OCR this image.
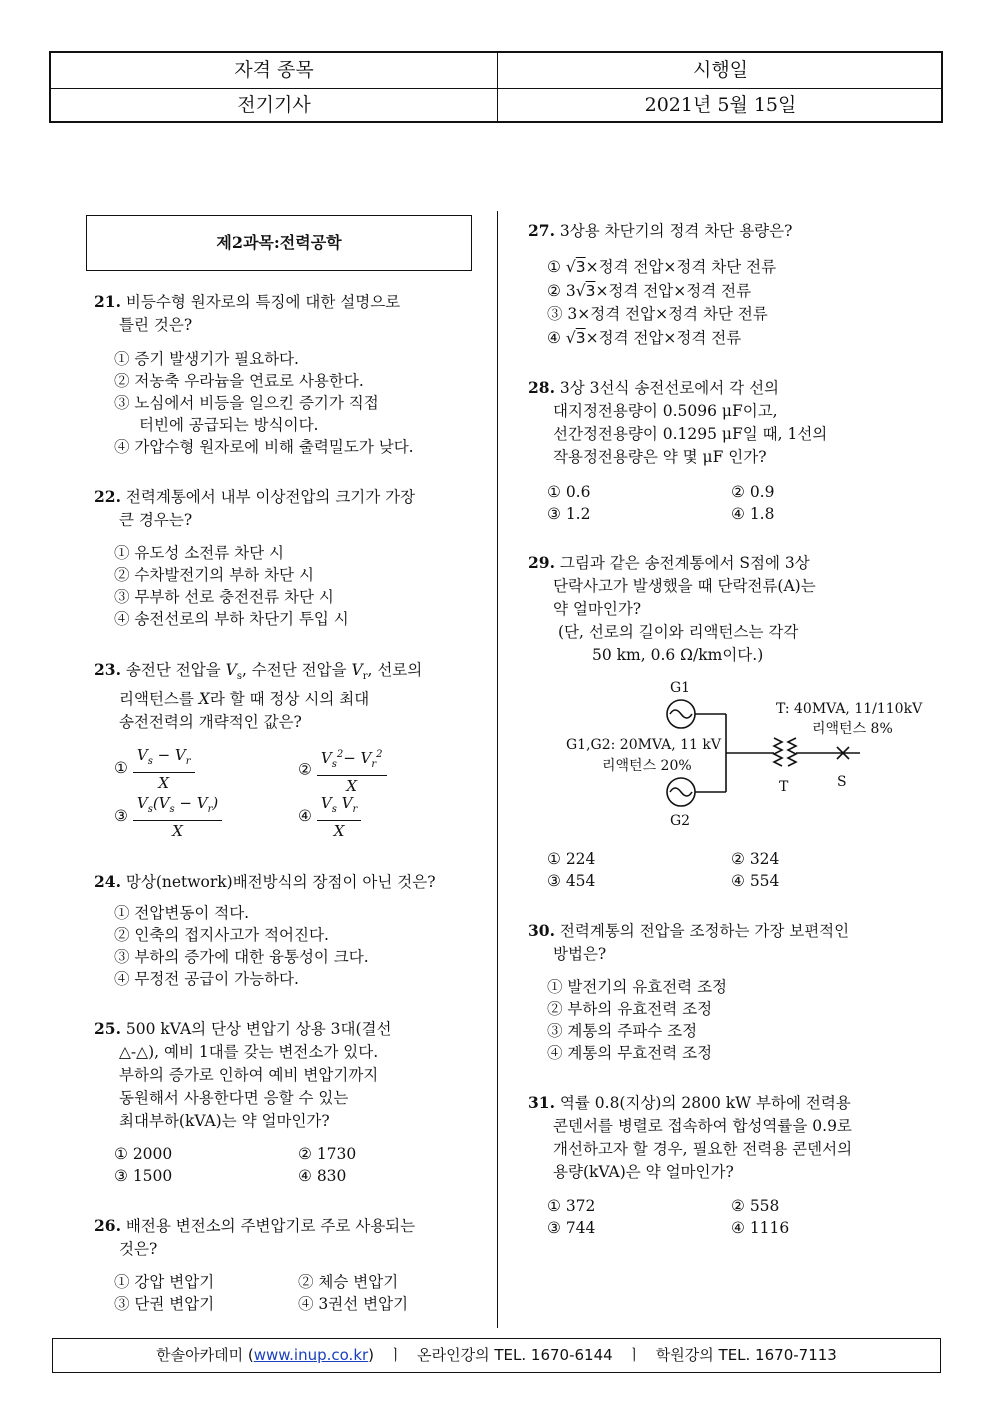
자격 종목	시행일
전기기사	2021년 5월 15일
제2과목:전력공학
21. 비등수형 원자로의 특징에 대한 설명으로
틀린 것은?
① 증기 발생기가 필요하다.
② 저농축 우라늄을 연료로 사용한다.
③ 노심에서 비등을 일으킨 증기가 직접
터빈에 공급되는 방식이다.
④ 가압수형 원자로에 비해 출력밀도가 낮다.
22. 전력계통에서 내부 이상전압의 크기가 가장
큰 경우는?
① 유도성 소전류 차단 시
② 수차발전기의 부하 차단 시
③ 무부하 선로 충전전류 차단 시
④ 송전선로의 부하 차단기 투입 시
23. 송전단 전압을 $V_s$, 수전단 전압을 $V_r$, 선로의
리액턴스를 X라 할 때 정상 시의 최대
송전전력의 개략적인 값은?
① $\frac{V_s - V_r}{X}$	② $\frac{V_s^2- V_r^2}{X}$
③ $\frac{V_s(V_s - V_r)}{X}$	④ $\frac{V_s V_r}{X}$
24. 망상(network)배전방식의 장점이 아닌 것은?
① 전압변동이 적다.
② 인축의 접지사고가 적어진다.
③ 부하의 증가에 대한 융통성이 크다.
④ 무정전 공급이 가능하다.
25. 500 kVA의 단상 변압기 상용 3대(결선
△-△), 예비 1대를 갖는 변전소가 있다.
부하의 증가로 인하여 예비 변압기까지
동원해서 사용한다면 응할 수 있는
최대부하(kVA)는 약 얼마인가?
① 2000	② 1730
③ 1500	④ 830
26. 배전용 변전소의 주변압기로 주로 사용되는
것은?
① 강압 변압기	② 체승 변압기
③ 단권 변압기	④ 3권선 변압기
27. 3상용 차단기의 정격 차단 용량은?
① √3×정격 전압×정격 차단 전류
② 3√3×정격 전압×정격 전류
③ 3×정격 전압×정격 차단 전류
④ √3×정격 전압×정격 전류
28. 3상 3선식 송전선로에서 각 선의
대지정전용량이 0.5096 μF이고,
선간정전용량이 0.1295 μF일 때, 1선의
작용정전용량은 약 몇 μF 인가?
① 0.6	② 0.9
③ 1.2	④ 1.8
29. 그림과 같은 송전계통에서 S점에 3상
단락사고가 발생했을 때 단락전류(A)는
약 얼마인가?
(단, 선로의 길이와 리액턴스는 각각
50 km, 0.6 Ω/km이다.)
G1
G2
T	S
G1,G2: 20MVA, 11 kV
리액턴스 20%
T: 40MVA, 11/110kV
리액턴스 8%
① 224	② 324
③ 454	④ 554
30. 전력계통의 전압을 조정하는 가장 보편적인
방법은?
① 발전기의 유효전력 조정
② 부하의 유효전력 조정
③ 계통의 주파수 조정
④ 계통의 무효전력 조정
31. 역률 0.8(지상)의 2800 kW 부하에 전력용
콘덴서를 병렬로 접속하여 합성역률을 0.9로
개선하고자 할 경우, 필요한 전력용 콘덴서의
용량(kVA)은 약 얼마인가?
① 372	② 558
③ 744	④ 1116
한솔아카데미 (www.inup.co.kr) ㅣ 온라인강의 TEL. 1670-6144 ㅣ 학원강의 TEL. 1670-7113
